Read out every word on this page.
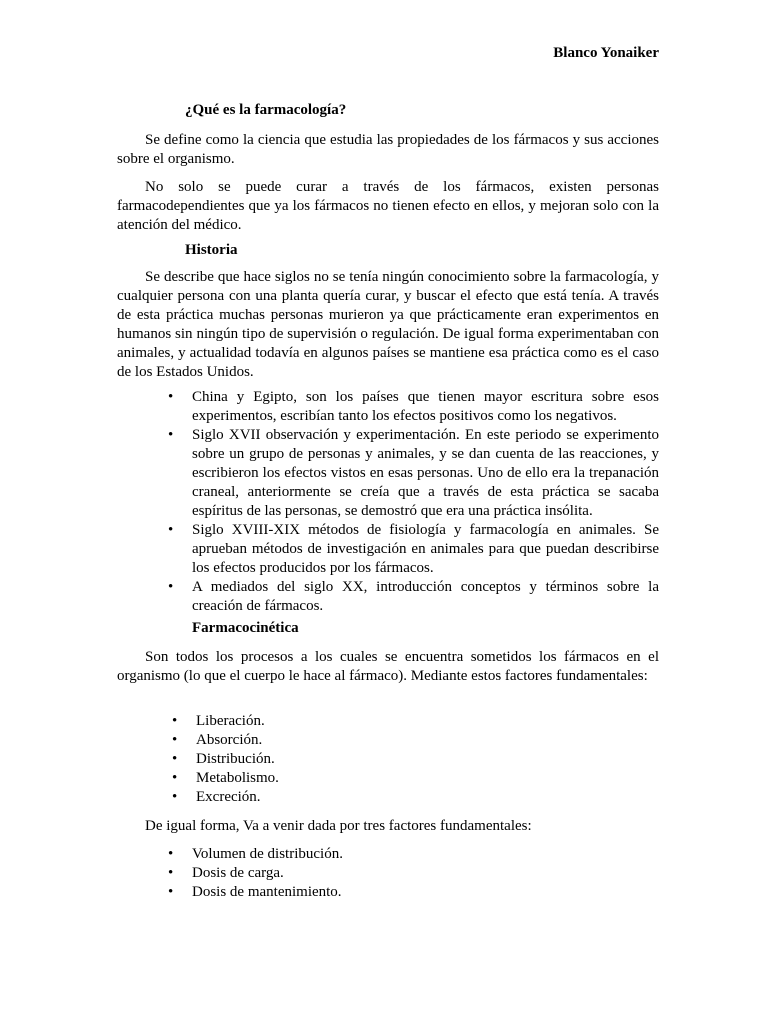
Blanco Yonaiker
¿Qué es la farmacología?

Se define como la ciencia que estudia las propiedades de los fármacos y sus acciones sobre el organismo.

No solo se puede curar a través de los fármacos, existen personas farmacodependientes que ya los fármacos no tienen efecto en ellos, y mejoran solo con la atención del médico.

Historia

Se describe que hace siglos no se tenía ningún conocimiento sobre la farmacología, y cualquier persona con una planta quería curar, y buscar el efecto que está tenía. A través de esta práctica muchas personas murieron ya que prácticamente eran experimentos en humanos sin ningún tipo de supervisión o regulación. De igual forma experimentaban con animales, y actualidad todavía en algunos países se mantiene esa práctica como es el caso de los Estados Unidos.

• China y Egipto, son los países que tienen mayor escritura sobre esos experimentos, escribían tanto los efectos positivos como los negativos.
• Siglo XVII observación y experimentación. En este periodo se experimento sobre un grupo de personas y animales, y se dan cuenta de las reacciones, y escribieron los efectos vistos en esas personas. Uno de ello era la trepanación craneal, anteriormente se creía que a través de esta práctica se sacaba espíritus de las personas, se demostró que era una práctica insólita.
• Siglo XVIII-XIX métodos de fisiología y farmacología en animales. Se aprueban métodos de investigación en animales para que puedan describirse los efectos producidos por los fármacos.
• A mediados del siglo XX, introducción conceptos y términos sobre la creación de fármacos.
Farmacocinética

Son todos los procesos a los cuales se encuentra sometidos los fármacos en el organismo (lo que el cuerpo le hace al fármaco). Mediante estos factores fundamentales:

• Liberación.
• Absorción.
• Distribución.
• Metabolismo.
• Excreción.

De igual forma, Va a venir dada por tres factores fundamentales:

• Volumen de distribución.
• Dosis de carga.
• Dosis de mantenimiento.
